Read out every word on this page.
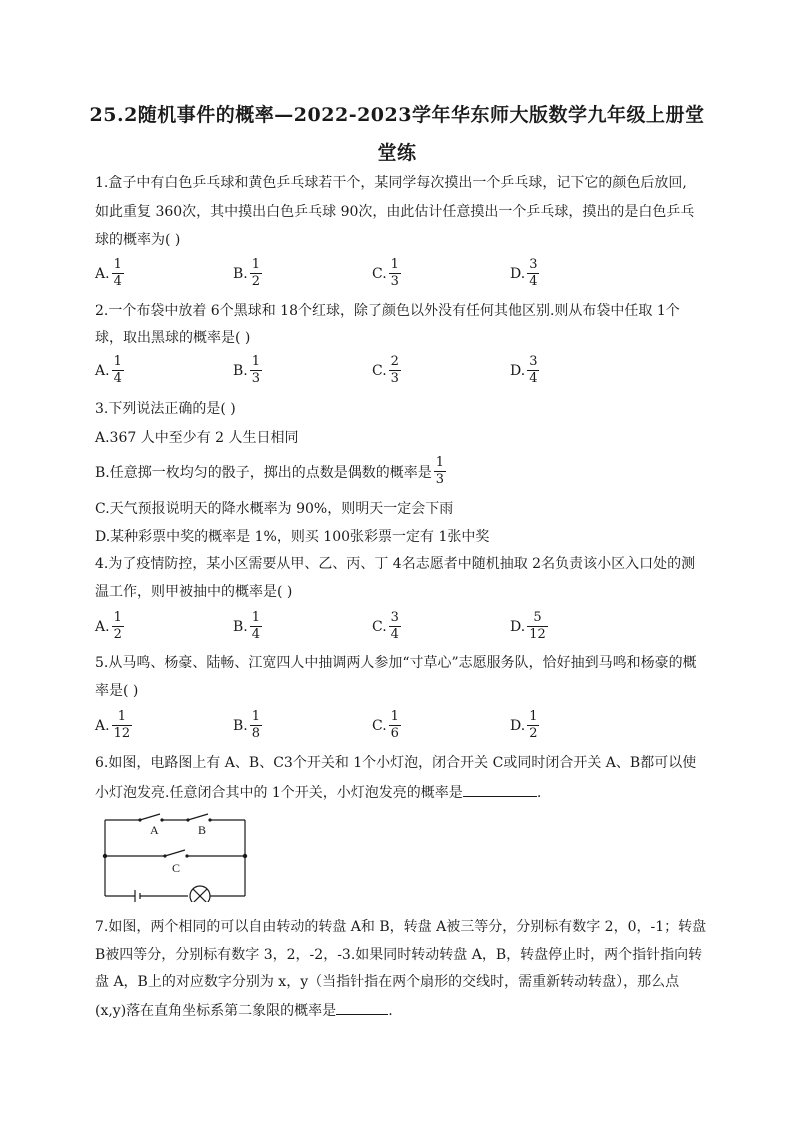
25.2随机事件的概率—2022-2023学年华东师大版数学九年级上册堂
堂练
1.盒子中有白色乒乓球和黄色乒乓球若干个，某同学每次摸出一个乒乓球，记下它的颜色后放回,
如此重复 360次，其中摸出白色乒乓球 90次，由此估计任意摸出一个乒乓球，摸出的是白色乒乓
球的概率为( )
A. $\frac{1}{4}$	B. $\frac{1}{2}$	C. $\frac{1}{3}$	D. $\frac{3}{4}$
2.一个布袋中放着 6个黑球和 18个红球，除了颜色以外没有任何其他区别.则从布袋中任取 1个
球，取出黑球的概率是( )
A. $\frac{1}{4}$	B. $\frac{1}{3}$	C. $\frac{2}{3}$	D. $\frac{3}{4}$
3.下列说法正确的是( )
A.367 人中至少有 2 人生日相同
B.任意掷一枚均匀的骰子，掷出的点数是偶数的概率是 $\frac{1}{3}$
C.天气预报说明天的降水概率为 90%，则明天一定会下雨
D.某种彩票中奖的概率是 1%，则买 100张彩票一定有 1张中奖
4.为了疫情防控，某小区需要从甲、乙、丙、丁 4名志愿者中随机抽取 2名负责该小区入口处的测
温工作，则甲被抽中的概率是( )
A. $\frac{1}{2}$	B. $\frac{1}{4}$	C. $\frac{3}{4}$	D. $\frac{5}{12}$
5.从马鸣、杨豪、陆畅、江宽四人中抽调两人参加“寸草心”志愿服务队，恰好抽到马鸣和杨豪的概
率是( )
A. $\frac{1}{12}$	B. $\frac{1}{8}$	C. $\frac{1}{6}$	D. $\frac{1}{2}$
6.如图，电路图上有 A、B、C3个开关和 1个小灯泡，闭合开关 C或同时闭合开关 A、B都可以使
小灯泡发亮.任意闭合其中的 1个开关，小灯泡发亮的概率是	.
A	B
C
7.如图，两个相同的可以自由转动的转盘 A和 B，转盘 A被三等分，分别标有数字 2，0，-1；转盘
B被四等分，分别标有数字 3，2，-2，-3.如果同时转动转盘 A，B，转盘停止时，两个指针指向转
盘 A，B上的对应数字分别为 x，y（当指针指在两个扇形的交线时，需重新转动转盘），那么点
(x,y)落在直角坐标系第二象限的概率是	.
